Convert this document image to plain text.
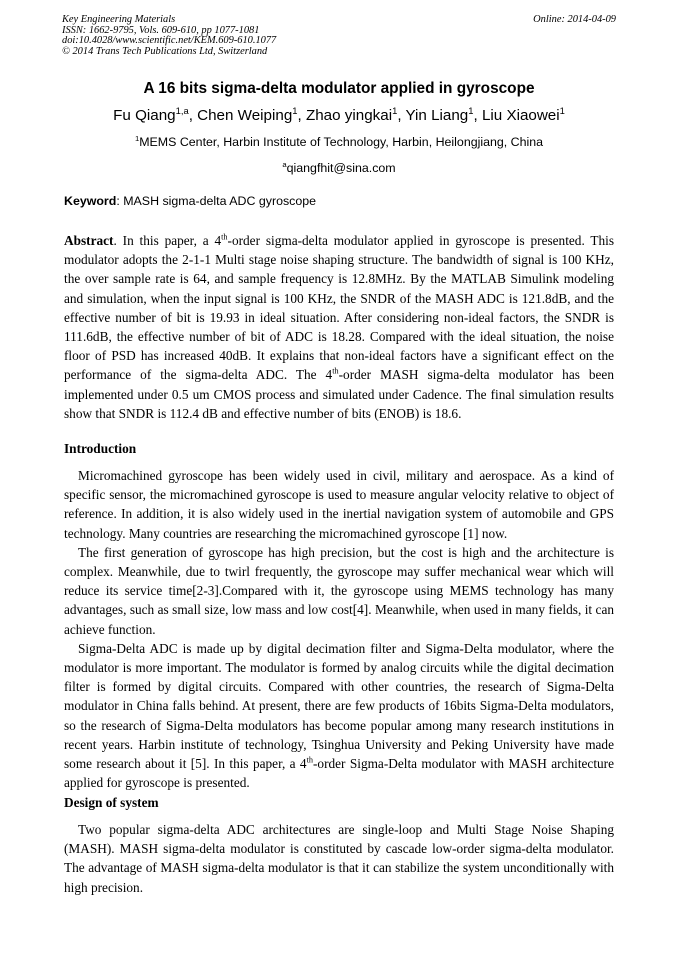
Key Engineering Materials
ISSN: 1662-9795, Vols. 609-610, pp 1077-1081
doi:10.4028/www.scientific.net/KEM.609-610.1077
© 2014 Trans Tech Publications Ltd, Switzerland
Online: 2014-04-09
A 16 bits sigma-delta modulator applied in gyroscope
Fu Qiang$^{1,a}$, Chen Weiping$^1$, Zhao yingkai$^1$, Yin Liang$^1$, Liu Xiaowei$^1$
$^1$MEMS Center, Harbin Institute of Technology, Harbin, Heilongjiang, China
$^a$qiangfhit@sina.com
Keyword: MASH sigma-delta ADC gyroscope

Abstract. In this paper, a 4th-order sigma-delta modulator applied in gyroscope is presented. This modulator adopts the 2-1-1 Multi stage noise shaping structure. The bandwidth of signal is 100 KHz, the over sample rate is 64, and sample frequency is 12.8MHz. By the MATLAB Simulink modeling and simulation, when the input signal is 100 KHz, the SNDR of the MASH ADC is 121.8dB, and the effective number of bit is 19.93 in ideal situation. After considering non-ideal factors, the SNDR is 111.6dB, the effective number of bit of ADC is 18.28. Compared with the ideal situation, the noise floor of PSD has increased 40dB. It explains that non-ideal factors have a significant effect on the performance of the sigma-delta ADC. The 4th-order MASH sigma-delta modulator has been implemented under 0.5 um CMOS process and simulated under Cadence. The final simulation results show that SNDR is 112.4 dB and effective number of bits (ENOB) is 18.6.

Introduction

Micromachined gyroscope has been widely used in civil, military and aerospace. As a kind of specific sensor, the micromachined gyroscope is used to measure angular velocity relative to object of reference. In addition, it is also widely used in the inertial navigation system of automobile and GPS technology. Many countries are researching the micromachined gyroscope [1] now.

The first generation of gyroscope has high precision, but the cost is high and the architecture is complex. Meanwhile, due to twirl frequently, the gyroscope may suffer mechanical wear which will reduce its service time[2-3].Compared with it, the gyroscope using MEMS technology has many advantages, such as small size, low mass and low cost[4]. Meanwhile, when used in many fields, it can achieve function.

Sigma-Delta ADC is made up by digital decimation filter and Sigma-Delta modulator, where the modulator is more important. The modulator is formed by analog circuits while the digital decimation filter is formed by digital circuits. Compared with other countries, the research of Sigma-Delta modulator in China falls behind. At present, there are few products of 16bits Sigma-Delta modulators, so the research of Sigma-Delta modulators has become popular among many research institutions in recent years. Harbin institute of technology, Tsinghua University and Peking University have made some research about it [5]. In this paper, a 4th-order Sigma-Delta modulator with MASH architecture applied for gyroscope is presented.

Design of system

Two popular sigma-delta ADC architectures are single-loop and Multi Stage Noise Shaping (MASH). MASH sigma-delta modulator is constituted by cascade low-order sigma-delta modulator. The advantage of MASH sigma-delta modulator is that it can stabilize the system unconditionally with high precision.
